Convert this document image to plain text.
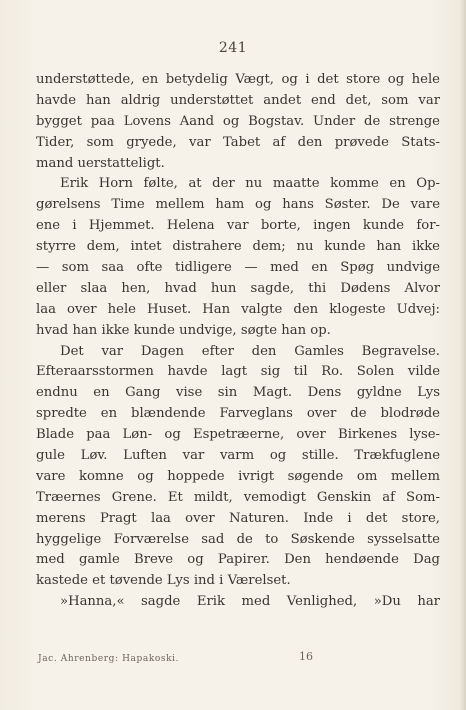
241
understøttede, en betydelig Vægt, og i det store og hele
havde han aldrig understøttet andet end det, som var
bygget paa Lovens Aand og Bogstav. Under de strenge
Tider, som gryede, var Tabet af den prøvede Stats-
mand uerstatteligt.
Erik Horn følte, at der nu maatte komme en Op-
gørelsens Time mellem ham og hans Søster. De vare
ene i Hjemmet. Helena var borte, ingen kunde for-
styrre dem, intet distrahere dem; nu kunde han ikke
— som saa ofte tidligere — med en Spøg undvige
eller slaa hen, hvad hun sagde, thi Dødens Alvor
laa over hele Huset. Han valgte den klogeste Udvej:
hvad han ikke kunde undvige, søgte han op.
Det var Dagen efter den Gamles Begravelse.
Efteraarsstormen havde lagt sig til Ro. Solen vilde
endnu en Gang vise sin Magt. Dens gyldne Lys
spredte en blændende Farveglans over de blodrøde
Blade paa Løn- og Espetræerne, over Birkenes lyse-
gule Løv. Luften var varm og stille. Trækfuglene
vare komne og hoppede ivrigt søgende om mellem
Træernes Grene. Et mildt, vemodigt Genskin af Som-
merens Pragt laa over Naturen. Inde i det store,
hyggelige Forværelse sad de to Søskende sysselsatte
med gamle Breve og Papirer. Den hendøende Dag
kastede et tøvende Lys ind i Værelset.
»Hanna,« sagde Erik med Venlighed, »Du har
Jac. Ahrenberg: Hapakoski.	16
